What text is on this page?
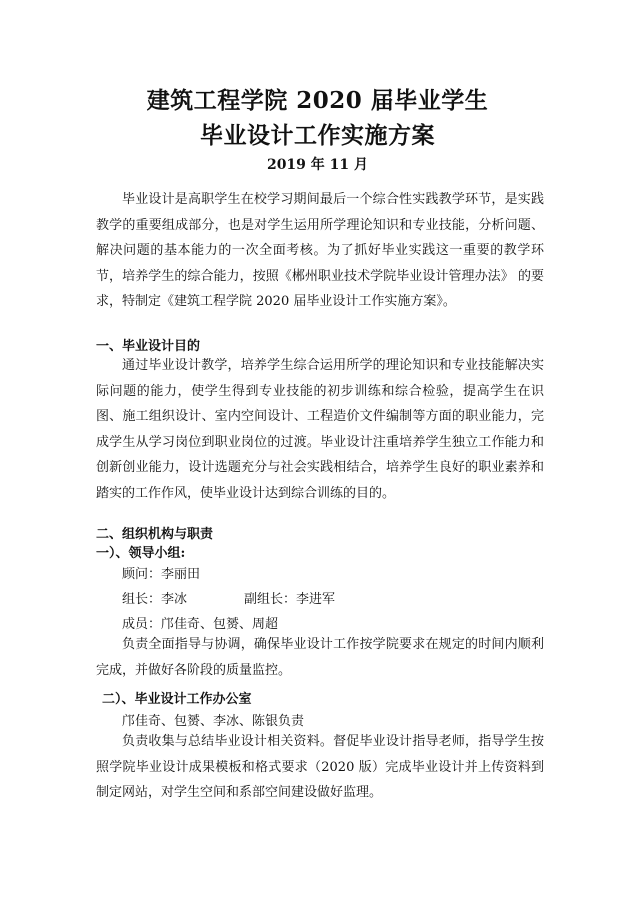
建筑工程学院 2020 届毕业学生
毕业设计工作实施方案
2019 年 11 月
毕业设计是高职学生在校学习期间最后一个综合性实践教学环节，是实践教学的重要组成部分，也是对学生运用所学理论知识和专业技能，分析问题、解决问题的基本能力的一次全面考核。为了抓好毕业实践这一重要的教学环节，培养学生的综合能力，按照《郴州职业技术学院毕业设计管理办法》 的要求，特制定《建筑工程学院 2020 届毕业设计工作实施方案》。
一、毕业设计目的
通过毕业设计教学，培养学生综合运用所学的理论知识和专业技能解决实际问题的能力，使学生得到专业技能的初步训练和综合检验，提高学生在识图、施工组织设计、室内空间设计、工程造价文件编制等方面的职业能力，完成学生从学习岗位到职业岗位的过渡。毕业设计注重培养学生独立工作能力和创新创业能力，设计选题充分与社会实践相结合，培养学生良好的职业素养和踏实的工作作风，使毕业设计达到综合训练的目的。
二、组织机构与职责
一）、领导小组:
顾问：李丽田
组长：李冰	副组长：李进军
成员：邝佳奇、包赟、周超
负责全面指导与协调，确保毕业设计工作按学院要求在规定的时间内顺利完成，并做好各阶段的质量监控。
二）、毕业设计工作办公室
邝佳奇、包赟、李冰、陈银负责
负责收集与总结毕业设计相关资料。督促毕业设计指导老师，指导学生按照学院毕业设计成果模板和格式要求（2020 版）完成毕业设计并上传资料到制定网站，对学生空间和系部空间建设做好监理。
